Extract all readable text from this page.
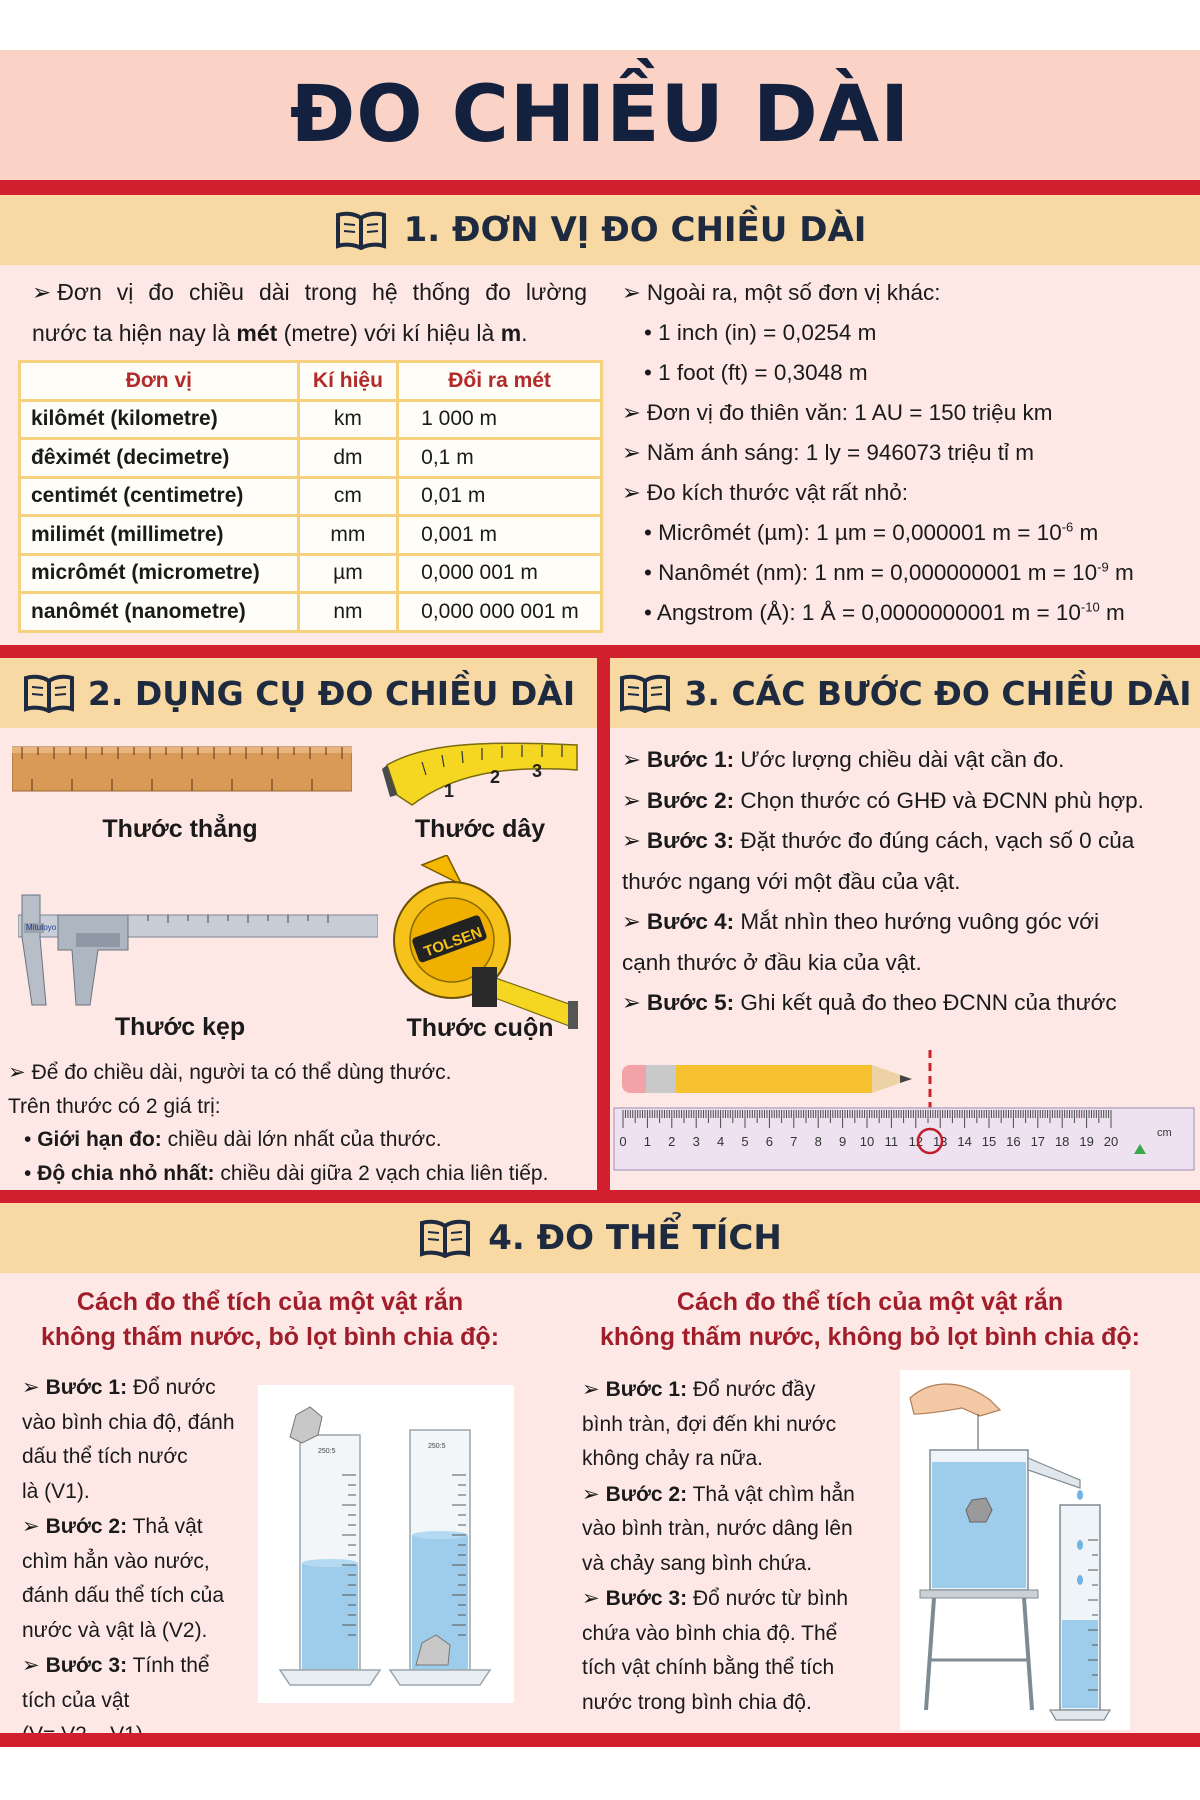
ĐO CHIỀU DÀI
1. ĐƠN VỊ ĐO CHIỀU DÀI
➢ Đơn vị đo chiều dài trong hệ thống đo lường
nước ta hiện nay là mét (metre) với kí hiệu là m.
Đơn vị	Kí hiệu	Đổi ra mét
kilômét (kilometre)	km	1 000 m
đêximét (decimetre)	dm	0,1 m
centimét (centimetre)	cm	0,01 m
milimét (millimetre)	mm	0,001 m
micrômét (micrometre)	µm	0,000 001 m
nanômét (nanometre)	nm	0,000 000 001 m
➢ Ngoài ra, một số đơn vị khác:
• 1 inch (in) = 0,0254 m
• 1 foot (ft) = 0,3048 m
➢ Đơn vị đo thiên văn: 1 AU = 150 triệu km
➢ Năm ánh sáng: 1 ly = 946073 triệu tỉ m
➢ Đo kích thước vật rất nhỏ:
• Micrômét (µm): 1 µm = 0,000001 $m = 10^{-6}$ m
• Nanômét (nm): 1 nm = 0,000000001 $m = 10^{-9}$ m
• Angstrom (Å): 1 Å = 0,0000000001 $m = 10^{-10}$ m
2. DỤNG CỤ ĐO CHIỀU DÀI
Thước thẳng
1
2 3
Thước dây
Mitutoyo
Thước kẹp
TOLSEN
Thước cuộn
➢ Để đo chiều dài, người ta có thể dùng thước.
Trên thước có 2 giá trị:
• Giới hạn đo: chiều dài lớn nhất của thước.
• Độ chia nhỏ nhất: chiều dài giữa 2 vạch chia liên tiếp.
3. CÁC BƯỚC ĐO CHIỀU DÀI
➢ Bước 1: Ước lượng chiều dài vật cần đo.
➢ Bước 2: Chọn thước có GHĐ và ĐCNN phù hợp.
➢ Bước 3: Đặt thước đo đúng cách, vạch số 0 của
thước ngang với một đầu của vật.
➢ Bước 4: Mắt nhìn theo hướng vuông góc với
cạnh thước ở đầu kia của vật.
➢ Bước 5: Ghi kết quả đo theo ĐCNN của thước
0 1 2 3 4 5 6 7 8 9 10 11 12 13 14 15 16 17 18 19 20
cm
4. ĐO THỂ TÍCH
Cách đo thể tích của một vật rắn
không thấm nước, bỏ lọt bình chia độ:
Cách đo thể tích của một vật rắn
không thấm nước, không bỏ lọt bình chia độ:
➢ Bước 1: Đổ nước
vào bình chia độ, đánh
dấu thể tích nước
là (V1).
➢ Bước 2: Thả vật
chìm hẳn vào nước,
đánh dấu thể tích của
nước và vật là (V2).
➢ Bước 3: Tính thể
tích của vật
250:5
250:5
➢ Bước 1: Đổ nước đầy
bình tràn, đợi đến khi nước
không chảy ra nữa.
➢ Bước 2: Thả vật chìm hẳn
vào bình tràn, nước dâng lên
và chảy sang bình chứa.
➢ Bước 3: Đổ nước từ bình
chứa vào bình chia độ. Thể
tích vật chính bằng thể tích
nước trong bình chia độ.
